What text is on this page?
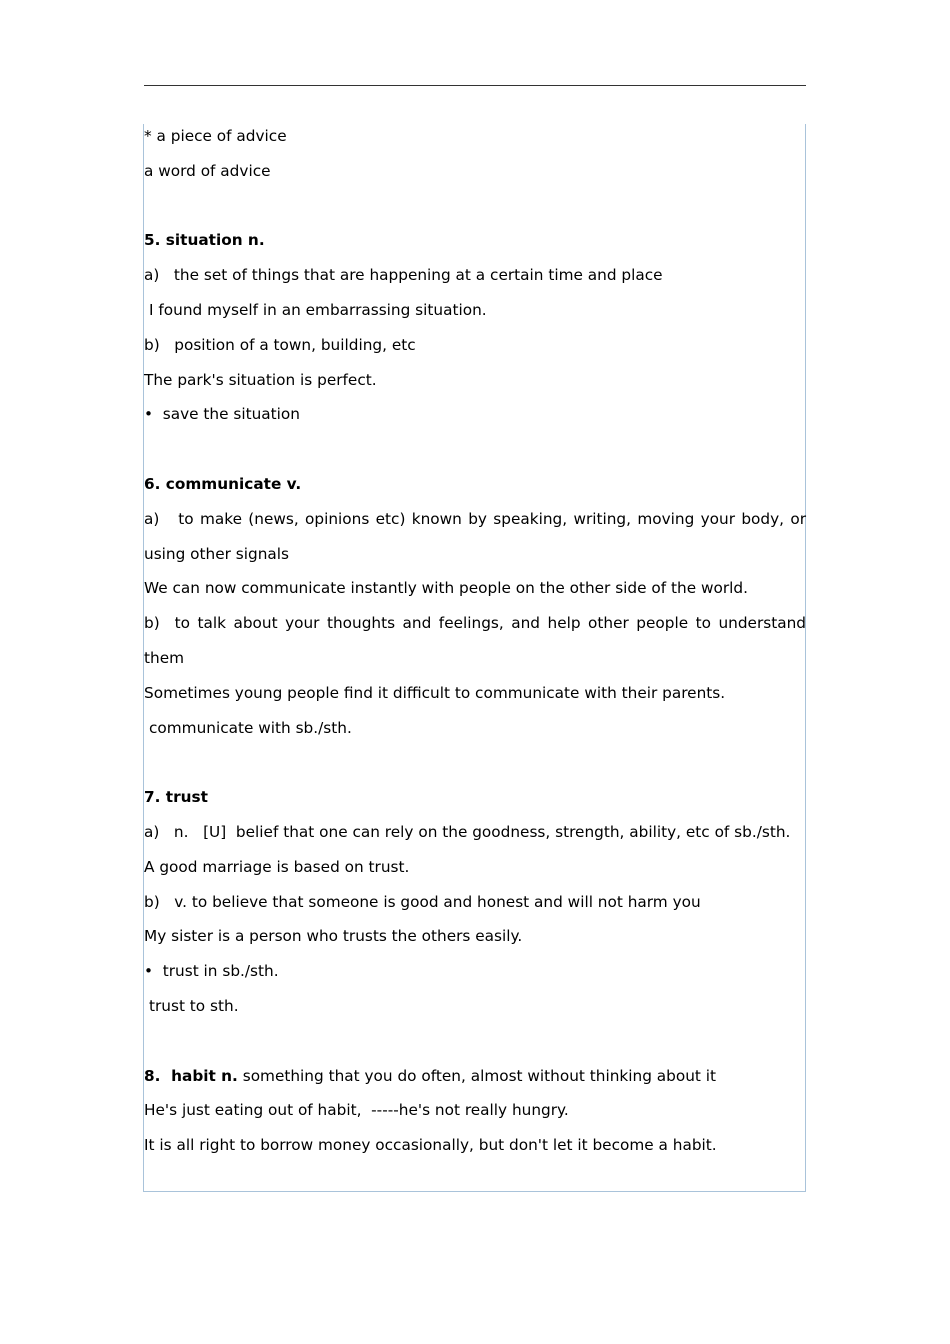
* a piece of advice

a word of advice

5. situation n.

a)   the set of things that are happening at a certain time and place

I found myself in an embarrassing situation.

b)   position of a town, building, etc

The park's situation is perfect.

•  save the situation

6. communicate v.

a)   to make (news, opinions etc) known by speaking, writing, moving your body, or using other signals

We can now communicate instantly with people on the other side of the world.

b)  to talk about your thoughts and feelings, and help other people to understand them

Sometimes young people find it difficult to communicate with their parents.

communicate with sb./sth.

7. trust

a)   n.   [U]  belief that one can rely on the goodness, strength, ability, etc of sb./sth.

A good marriage is based on trust.

b)   v. to believe that someone is good and honest and will not harm you

My sister is a person who trusts the others easily.

•  trust in sb./sth.

trust to sth.

8.  habit n. something that you do often, almost without thinking about it

He's just eating out of habit,  -----he's not really hungry.

It is all right to borrow money occasionally, but don't let it become a habit.
